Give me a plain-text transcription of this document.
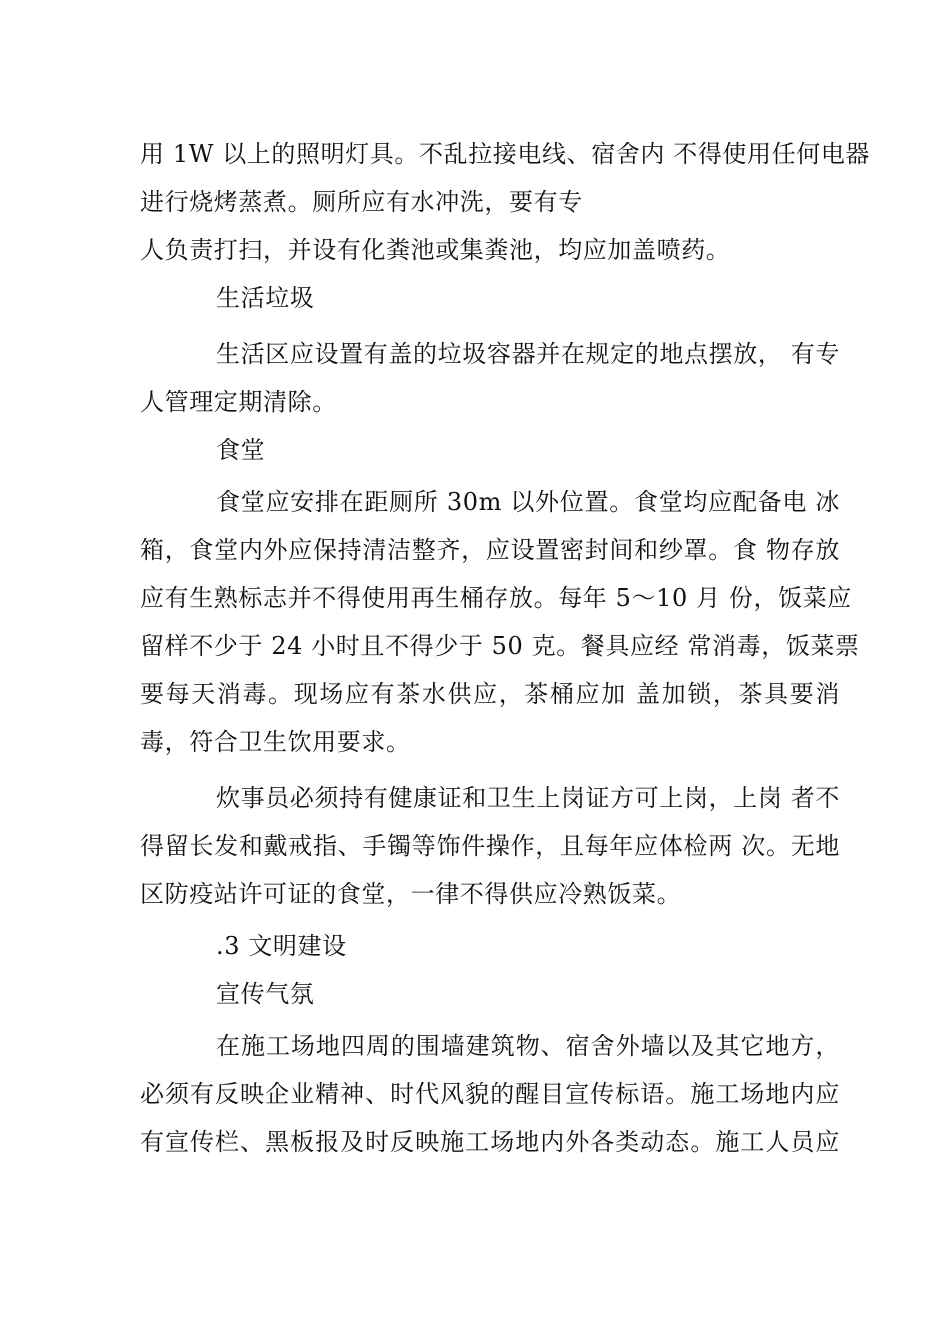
用 1W 以上的照明灯具。不乱拉接电线、宿舍内 不得使用任何电器
进行烧烤蒸煮。厕所应有水冲洗，要有专
人负责打扫，并设有化粪池或集粪池，均应加盖喷药。
生活垃圾
生活区应设置有盖的垃圾容器并在规定的地点摆放， 有专
人管理定期清除。
食堂
食堂应安排在距厕所 30m 以外位置。食堂均应配备电 冰
箱，食堂内外应保持清洁整齐，应设置密封间和纱罩。食 物存放
应有生熟标志并不得使用再生桶存放。每年 5〜10 月 份，饭菜应
留样不少于 24 小时且不得少于 50 克。餐具应经 常消毒，饭菜票
要每天消毒。现场应有茶水供应，茶桶应加 盖加锁，茶具要消
毒，符合卫生饮用要求。
炊事员必须持有健康证和卫生上岗证方可上岗，上岗 者不
得留长发和戴戒指、手镯等饰件操作，且每年应体检两 次。无地
区防疫站许可证的食堂，一律不得供应冷熟饭菜。
.3 文明建设
宣传气氛
在施工场地四周的围墙建筑物、宿舍外墙以及其它地方，
必须有反映企业精神、时代风貌的醒目宣传标语。施工场地内应
有宣传栏、黑板报及时反映施工场地内外各类动态。施工人员应
